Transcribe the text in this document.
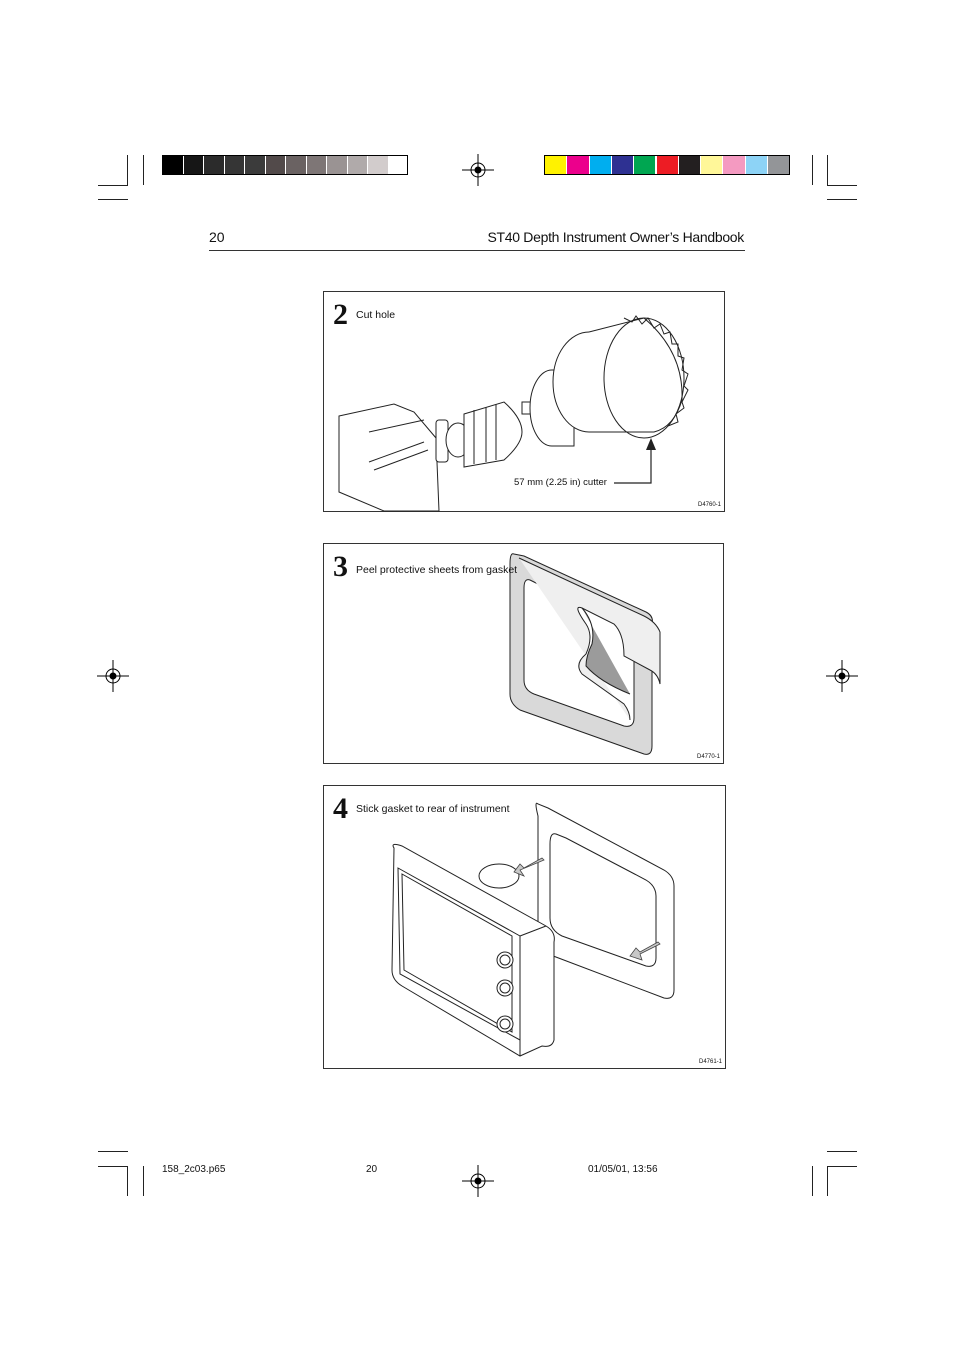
20	ST40 Depth Instrument Owner’s Handbook
2 Cut hole
57 mm (2.25 in) cutter
D4760-1
3 Peel protective sheets from gasket
D4770-1
4 Stick gasket to rear of instrument
D4761-1
158_2c03.p65	20	01/05/01, 13:56
